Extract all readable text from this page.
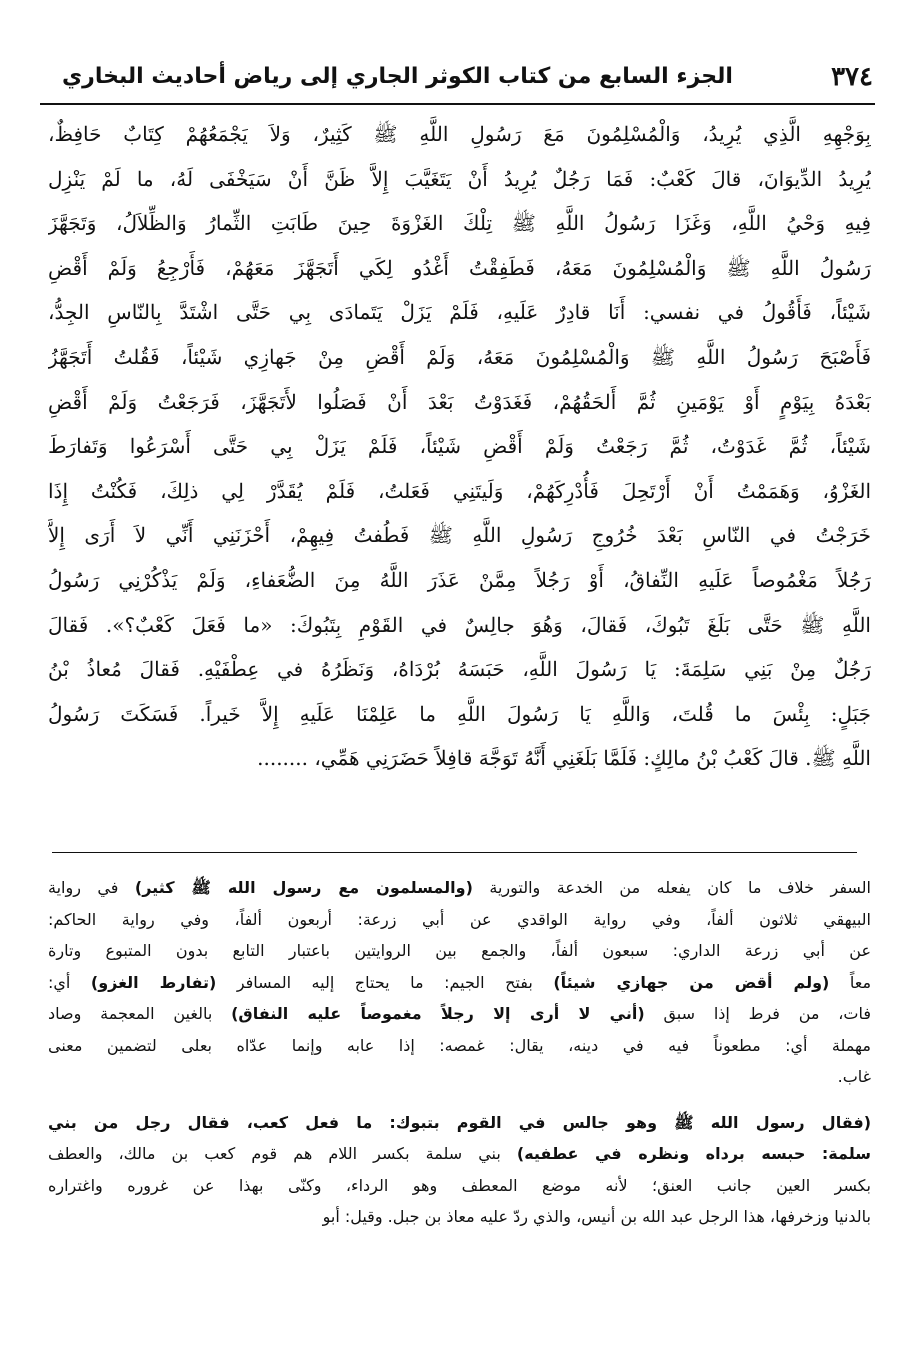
٣٧٤
الجزء السابع من كتاب الكوثر الجاري إلى رياض أحاديث البخاري
بِوَجْهِهِ الَّذِي يُرِيدُ، وَالْمُسْلِمُونَ مَعَ رَسُولِ اللَّهِ ﷺ كَثِيرٌ، وَلاَ يَجْمَعُهُمْ كِتَابٌ حَافِظٌ،
يُرِيدُ الدِّيوَانَ، قالَ كَعْبٌ: فَمَا رَجُلٌ يُرِيدُ أَنْ يَتَغَيَّبَ إِلاَّ ظَنَّ أَنْ سَيَخْفَى لَهُ، ما لَمْ يَنْزِل
فِيهِ وَحْيُ اللَّهِ، وَغَزَا رَسُولُ اللَّهِ ﷺ تِلْكَ الغَزْوَةَ حِينَ طَابَتِ الثِّمارُ وَالظِّلاَلُ، وَتَجَهَّزَ
رَسُولُ اللَّهِ ﷺ وَالْمُسْلِمُونَ مَعَهُ، فَطَفِقْتُ أَغْدُو لِكَي أَتَجَهَّزَ مَعَهُمْ، فَأَرْجِعُ وَلَمْ أَقْضِ
شَيْئاً، فَأَقُولُ في نفسي: أَنَا قادِرٌ عَلَيهِ، فَلَمْ يَزَلْ يَتَمادَى بِي حَتَّى اشْتَدَّ بِالنّاسِ الجِدُّ،
فَأَصْبَحَ رَسُولُ اللَّهِ ﷺ وَالْمُسْلِمُونَ مَعَهُ، وَلَمْ أَقْضِ مِنْ جَهازِي شَيْئاً، فَقُلتُ أَتَجَهَّزُ
بَعْدَهُ بِيَوْمٍ أَوْ يَوْمَينِ ثُمَّ أَلحَقُهُمْ، فَغَدَوْتُ بَعْدَ أَنْ فَصَلُوا لأَتَجَهَّزَ، فَرَجَعْتُ وَلَمْ أَقْضِ
شَيْئاً، ثُمَّ غَدَوْتُ، ثُمَّ رَجَعْتُ وَلَمْ أَقْضِ شَيْئاً، فَلَمْ يَزَلْ بِي حَتَّى أَسْرَعُوا وَتَفارَطَ
الغَزْوُ، وَهَمَمْتُ أَنْ أَرْتَحِلَ فَأُدْرِكَهُمْ، وَلَيتَنِي فَعَلتُ، فَلَمْ يُقَدَّرْ لِي ذلِكَ، فَكُنْتُ إِذَا
خَرَجْتُ في النّاسِ بَعْدَ خُرُوجِ رَسُولِ اللَّهِ ﷺ فَطُفتُ فِيهِمْ، أَحْزَنَنِي أَنِّي لاَ أَرَى إِلاَّ
رَجُلاً مَغْمُوصاً عَلَيهِ النِّفاقُ، أَوْ رَجُلاً مِمَّنْ عَذَرَ اللَّهُ مِنَ الضُّعَفاءِ، وَلَمْ يَذْكُرْنِي رَسُولُ
اللَّهِ ﷺ حَتَّى بَلَغَ تَبُوكَ، فَقالَ، وَهُوَ جالِسٌ في القَوْمِ بِتَبُوكَ: «ما فَعَلَ كَعْبٌ؟». فَقالَ
رَجُلٌ مِنْ بَنِي سَلِمَةَ: يَا رَسُولَ اللَّهِ، حَبَسَهُ بُرْدَاهُ، وَنَظَرُهُ في عِطْفَيْهِ. فَقالَ مُعاذُ بْنُ
جَبَلٍ: بِئْسَ ما قُلتَ، وَاللَّهِ يَا رَسُولَ اللَّهِ ما عَلِمْنَا عَلَيهِ إِلاَّ خَيراً. فَسَكَتَ رَسُولُ
اللَّهِ ﷺ. قالَ كَعْبُ بْنُ مالِكٍ: فَلَمَّا بَلَغَنِي أَنَّهُ تَوَجَّهَ قافِلاً حَضَرَنِي هَمِّي، ........
السفر خلاف ما كان يفعله من الخدعة والتورية (والمسلمون مع رسول الله ﷺ كثير) في رواية
البيهقي ثلاثون ألفاً، وفي رواية الواقدي عن أبي زرعة: أربعون ألفاً، وفي رواية الحاكم:
عن أبي زرعة الداري: سبعون ألفاً، والجمع بين الروايتين باعتبار التابع بدون المتبوع وتارة
معاً (ولم أقض من جهازي شيئاً) بفتح الجيم: ما يحتاج إليه المسافر (تفارط الغزو) أي:
فات، من فرط إذا سبق (أني لا أرى إلا رجلاً مغموصاً عليه النفاق) بالغين المعجمة وصاد
مهملة أي: مطعوناً فيه في دينه، يقال: غمصه: إذا عابه وإنما عدّاه بعلى لتضمين معنى
غاب.
(فقال رسول الله ﷺ وهو جالس في القوم بتبوك: ما فعل كعب، فقال رجل من بني
سلمة: حبسه برداه ونظره في عطفيه) بني سلمة بكسر اللام هم قوم كعب بن مالك، والعطف
بكسر العين جانب العنق؛ لأنه موضع المعطف وهو الرداء، وكنّى بهذا عن غروره واغتراره
بالدنيا وزخرفها، هذا الرجل عبد الله بن أنيس، والذي ردّ عليه معاذ بن جبل. وقيل: أبو
